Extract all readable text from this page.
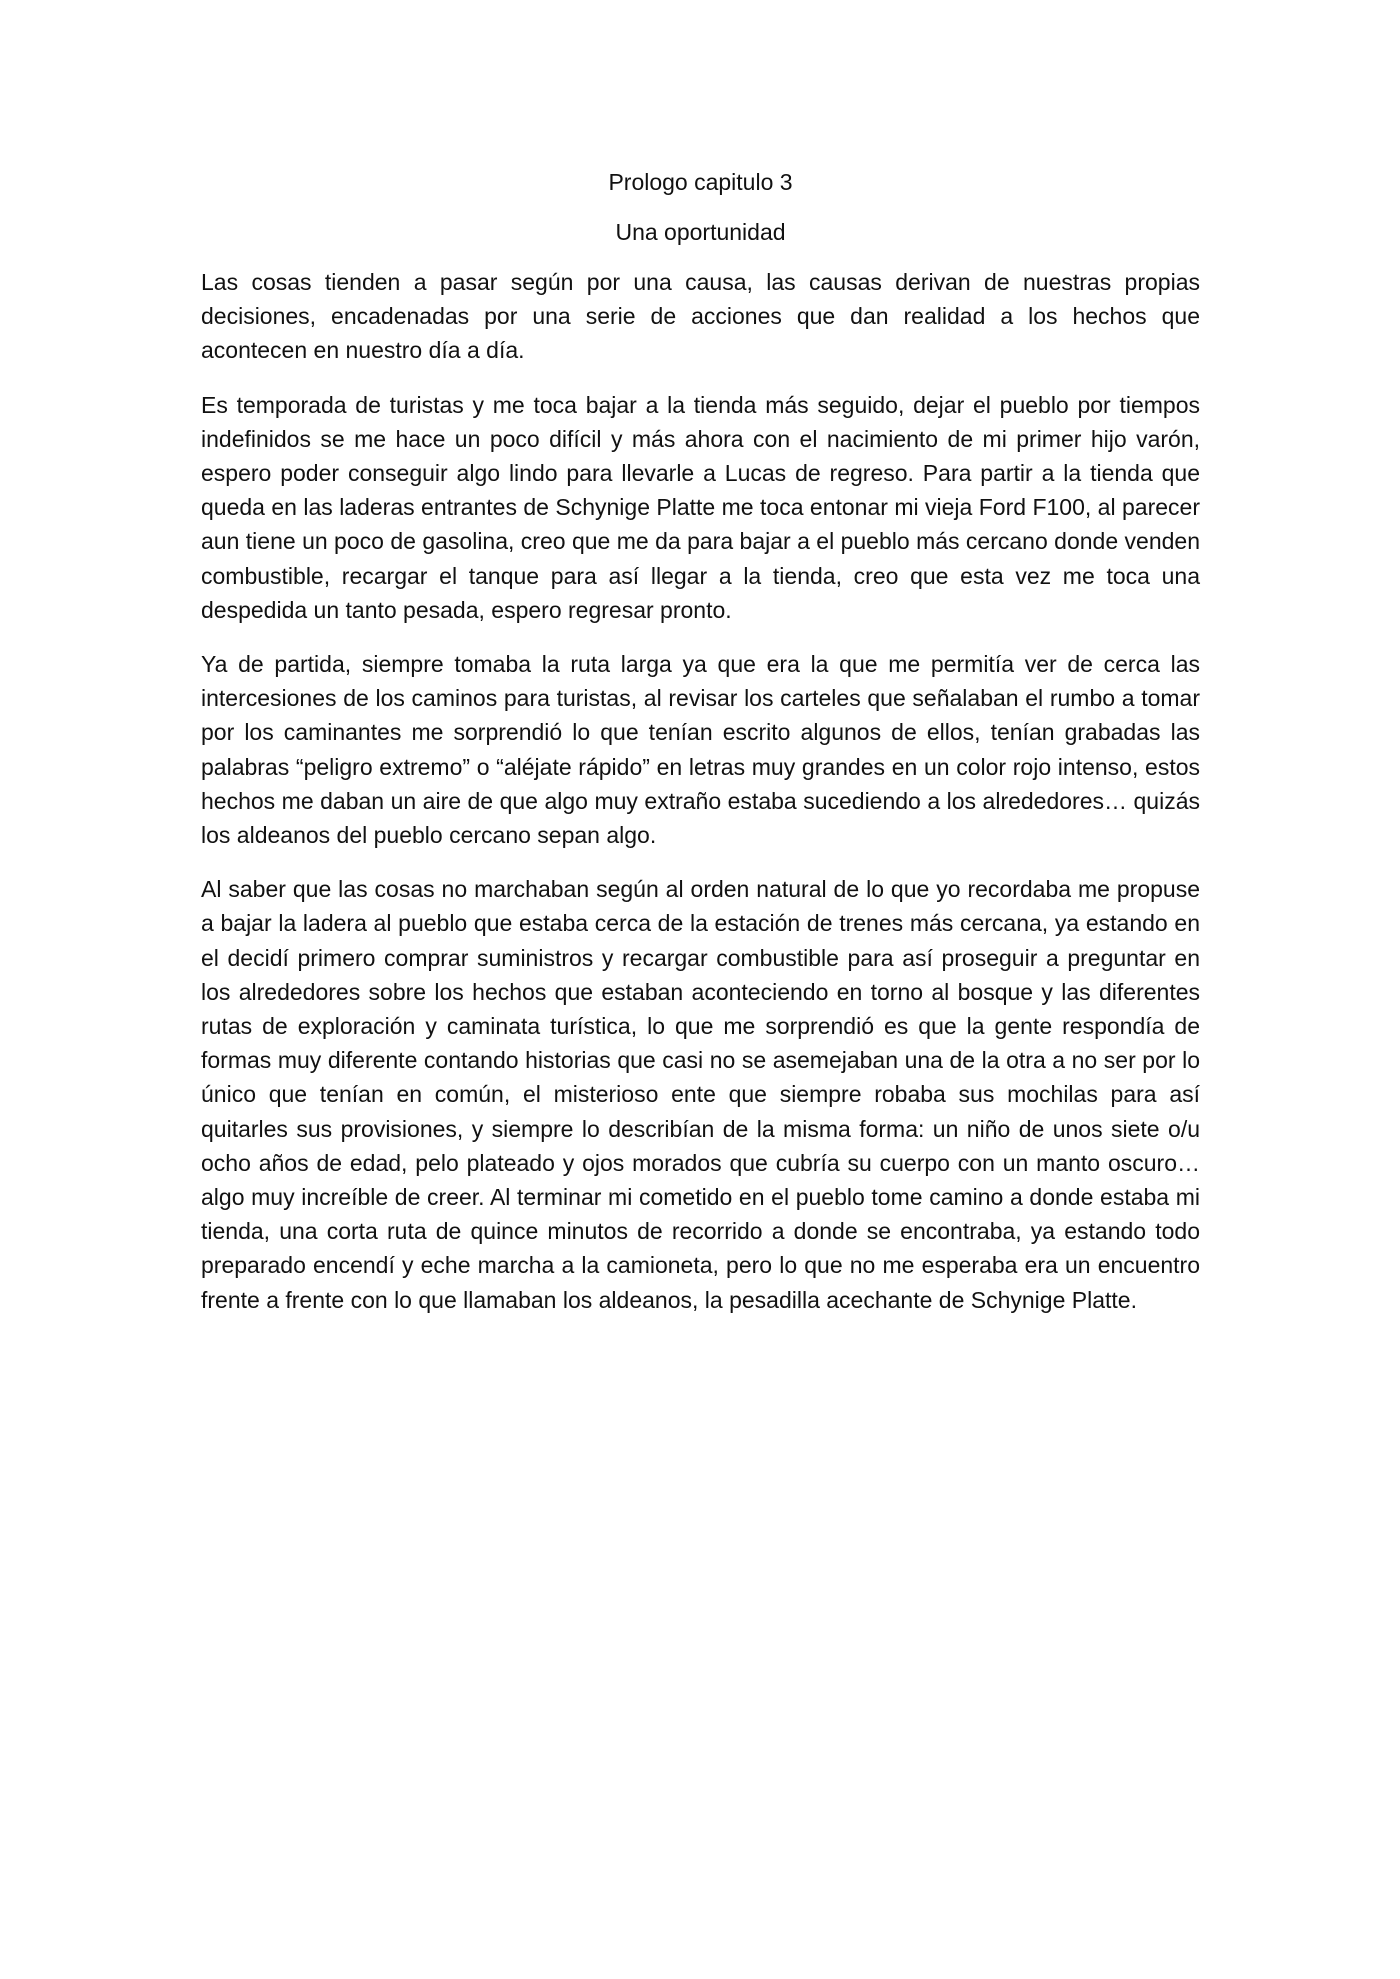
Prologo capitulo 3

Una oportunidad

Las cosas tienden a pasar según por una causa, las causas derivan de nuestras propias decisiones, encadenadas por una serie de acciones que dan realidad a los hechos que acontecen en nuestro día a día.

Es temporada de turistas y me toca bajar a la tienda más seguido, dejar el pueblo por tiempos indefinidos se me hace un poco difícil y más ahora con el nacimiento de mi primer hijo varón, espero poder conseguir algo lindo para llevarle a Lucas de regreso. Para partir a la tienda que queda en las laderas entrantes de Schynige Platte me toca entonar mi vieja Ford F100, al parecer aun tiene un poco de gasolina, creo que me da para bajar a el pueblo más cercano donde venden combustible, recargar el tanque para así llegar a la tienda, creo que esta vez me toca una despedida un tanto pesada, espero regresar pronto.

Ya de partida, siempre tomaba la ruta larga ya que era la que me permitía ver de cerca las intercesiones de los caminos para turistas, al revisar los carteles que señalaban el rumbo a tomar por los caminantes me sorprendió lo que tenían escrito algunos de ellos, tenían grabadas las palabras “peligro extremo” o “aléjate rápido” en letras muy grandes en un color rojo intenso, estos hechos me daban un aire de que algo muy extraño estaba sucediendo a los alrededores… quizás los aldeanos del pueblo cercano sepan algo.

Al saber que las cosas no marchaban según al orden natural de lo que yo recordaba me propuse a bajar la ladera al pueblo que estaba cerca de la estación de trenes más cercana, ya estando en el decidí primero comprar suministros y recargar combustible para así proseguir a preguntar en los alrededores sobre los hechos que estaban aconteciendo en torno al bosque y las diferentes rutas de exploración y caminata turística, lo que me sorprendió es que la gente respondía de formas muy diferente contando historias que casi no se asemejaban una de la otra a no ser por lo único que tenían en común, el misterioso ente que siempre robaba sus mochilas para así quitarles sus provisiones, y siempre lo describían de la misma forma: un niño de unos siete o/u ocho años de edad, pelo plateado y ojos morados que cubría su cuerpo con un manto oscuro… algo muy increíble de creer. Al terminar mi cometido en el pueblo tome camino a donde estaba mi tienda, una corta ruta de quince minutos de recorrido a donde se encontraba, ya estando todo preparado encendí y eche marcha a la camioneta, pero lo que no me esperaba era un encuentro frente a frente con lo que llamaban los aldeanos, la pesadilla acechante de Schynige Platte.
